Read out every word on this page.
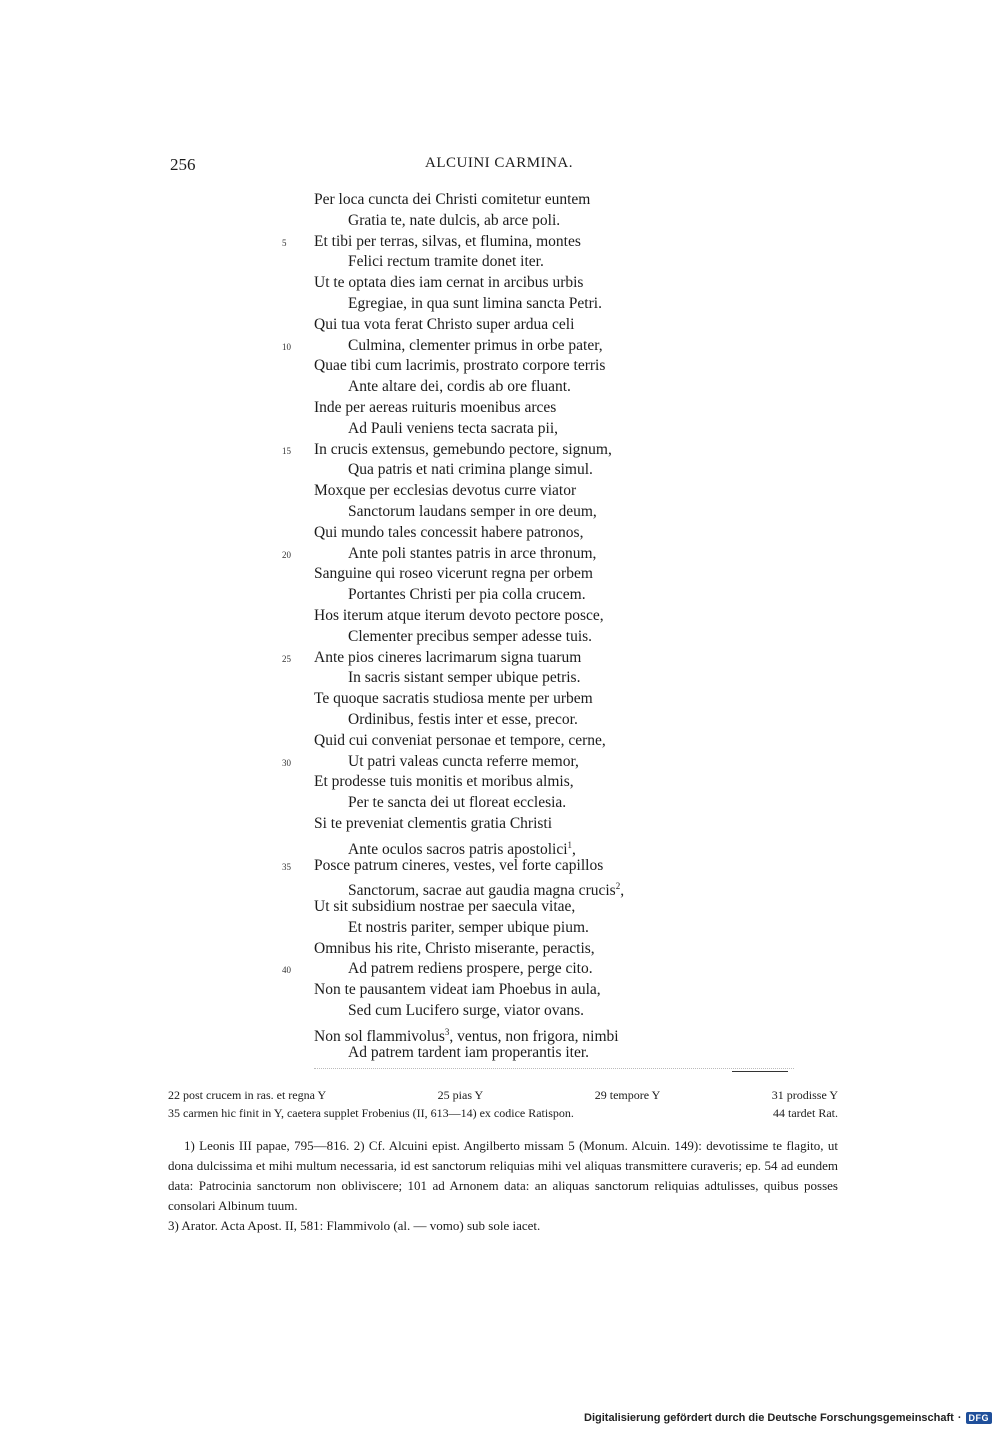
256	ALCUINI CARMINA.
Per loca cuncta dei Christi comitetur euntem
Gratia te, nate dulcis, ab arce poli.
5 Et tibi per terras, silvas, et flumina, montes
Felici rectum tramite donet iter.
Ut te optata dies iam cernat in arcibus urbis
Egregiae, in qua sunt limina sancta Petri.
Qui tua vota ferat Christo super ardua celi
10	Culmina, clementer primus in orbe pater,
Quae tibi cum lacrimis, prostrato corpore terris
Ante altare dei, cordis ab ore fluant.
Inde per aereas ruituris moenibus arces
Ad Pauli veniens tecta sacrata pii,
15 In crucis extensus, gemebundo pectore, signum,
Qua patris et nati crimina plange simul.
Moxque per ecclesias devotus curre viator
Sanctorum laudans semper in ore deum,
Qui mundo tales concessit habere patronos,
20	Ante poli stantes patris in arce thronum,
Sanguine qui roseo vicerunt regna per orbem
Portantes Christi per pia colla crucem.
Hos iterum atque iterum devoto pectore posce,
Clementer precibus semper adesse tuis.
25 Ante pios cineres lacrimarum signa tuarum
In sacris sistant semper ubique petris.
Te quoque sacratis studiosa mente per urbem
Ordinibus, festis inter et esse, precor.
Quid cui conveniat personae et tempore, cerne,
30	Ut patri valeas cuncta referre memor,
Et prodesse tuis monitis et moribus almis,
Per te sancta dei ut floreat ecclesia.
Si te preveniat clementis gratia Christi
Ante oculos sacros patris apostolici$^1$,
35 Posce patrum cineres, vestes, vel forte capillos
Sanctorum, sacrae aut gaudia magna crucis$^2$,
Ut sit subsidium nostrae per saecula vitae,
Et nostris pariter, semper ubique pium.
Omnibus his rite, Christo miserante, peractis,
40	Ad patrem rediens prospere, perge cito.
Non te pausantem videat iam Phoebus in aula,
Sed cum Lucifero surge, viator ovans.
Non sol flammivolus$^3$, ventus, non frigora, nimbi
Ad patrem tardent iam properantis iter.
22 post crucem in ras. et regna Y	25 pias Y	29 tempore Y	31 prodisse Y
35 carmen hic finit in Y, caetera supplet Frobenius (II, 613—14) ex codice Ratispon.	44 tardet Rat.

1) Leonis III papae, 795—816. 2) Cf. Alcuini epist. Angilberto missam 5 (Monum. Alcuin. 149): devotissime te flagito, ut dona dulcissima et mihi multum necessaria, id est sanctorum reliquias mihi vel aliquas transmittere curaveris; ep. 54 ad eundem data: Patrocinia sanctorum non obliviscere; 101 ad Arnonem data: an aliquas sanctorum reliquias adtulisses, quibus posses consolari Albinum tuum.

3) Arator. Acta Apost. II, 581: Flammivolo (al. — vomo) sub sole iacet.

Digitalisierung gefördert durch die Deutsche Forschungsgemeinschaft · DFG
